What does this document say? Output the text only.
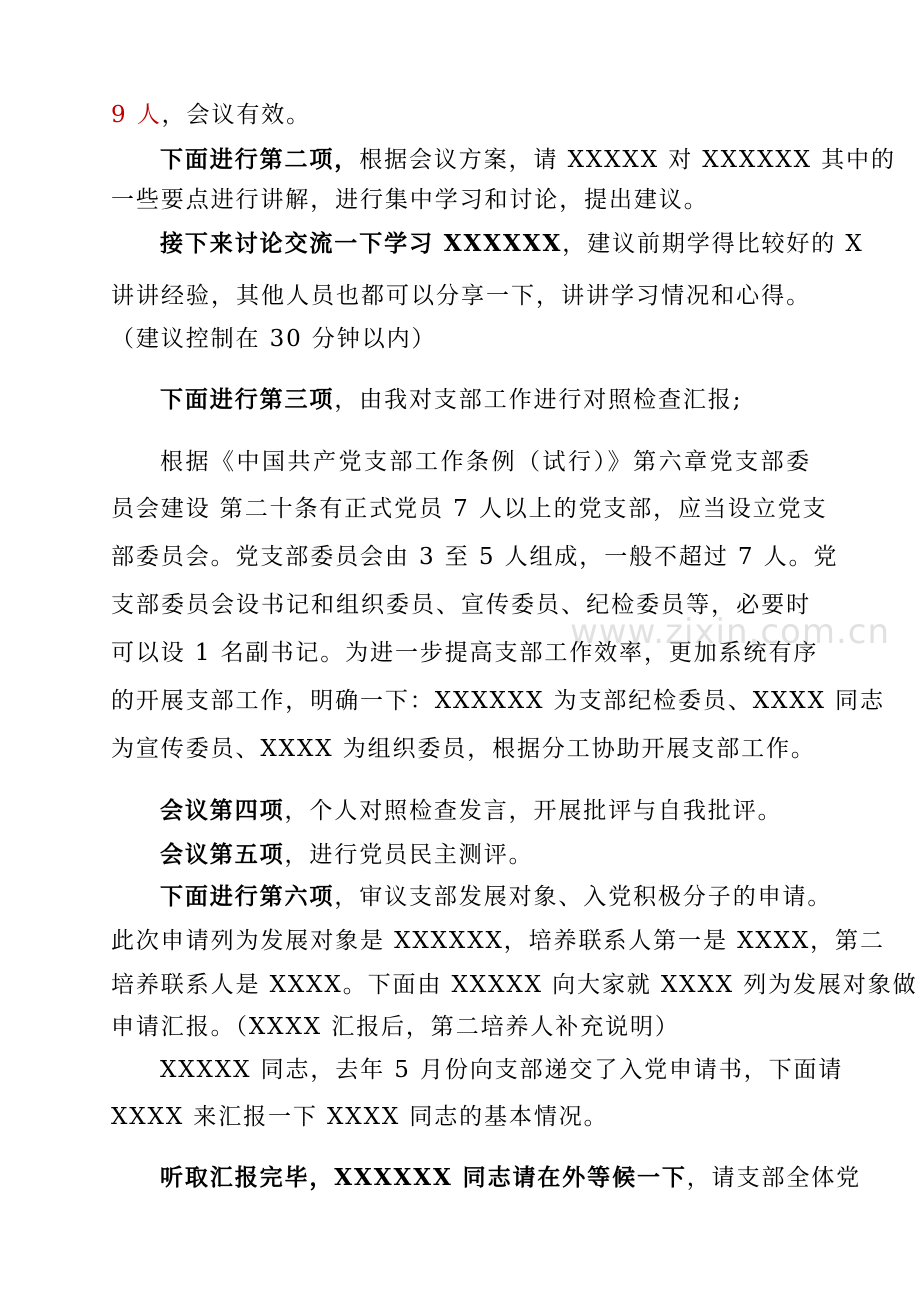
9 人，会议有效。
下面进行第二项，根据会议方案，请 XXXXX 对 XXXXXX 其中的
一些要点进行讲解，进行集中学习和讨论，提出建议。
接下来讨论交流一下学习 XXXXXX，建议前期学得比较好的 X
讲讲经验，其他人员也都可以分享一下，讲讲学习情况和心得。
（建议控制在 30 分钟以内）
下面进行第三项，由我对支部工作进行对照检查汇报;
根据《中国共产党支部工作条例（试行）》第六章党支部委
员会建设 第二十条有正式党员 7 人以上的党支部，应当设立党支
部委员会。党支部委员会由 3 至 5 人组成，一般不超过 7 人。党
支部委员会设书记和组织委员、宣传委员、纪检委员等，必要时
可以设 1 名副书记。为进一步提高支部工作效率，更加系统有序
的开展支部工作，明确一下：XXXXXX 为支部纪检委员、XXXX 同志
为宣传委员、XXXX 为组织委员，根据分工协助开展支部工作。
会议第四项，个人对照检查发言，开展批评与自我批评。
会议第五项，进行党员民主测评。
下面进行第六项，审议支部发展对象、入党积极分子的申请。
此次申请列为发展对象是 XXXXXX，培养联系人第一是 XXXX，第二
培养联系人是 XXXX。下面由 XXXXX 向大家就 XXXX 列为发展对象做
申请汇报。（XXXX 汇报后，第二培养人补充说明）
XXXXX 同志，去年 5 月份向支部递交了入党申请书，下面请
XXXX 来汇报一下 XXXX 同志的基本情况。
听取汇报完毕，XXXXXX 同志请在外等候一下，请支部全体党
www.zixin.com.cn
